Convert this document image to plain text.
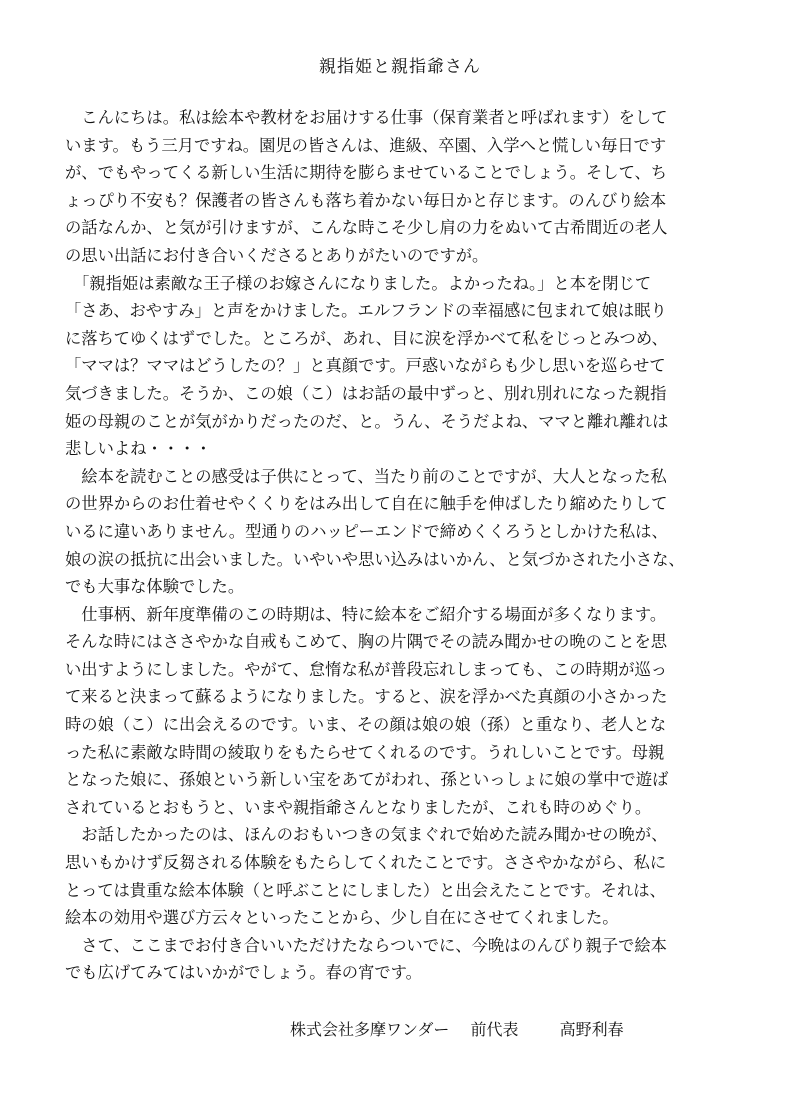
親指姫と親指爺さん
　こんにちは。私は絵本や教材をお届けする仕事（保育業者と呼ばれます）をして
います。もう三月ですね。園児の皆さんは、進級、卒園、入学へと慌しい毎日です
が、でもやってくる新しい生活に期待を膨らませていることでしょう。そして、ち
ょっぴり不安も？保護者の皆さんも落ち着かない毎日かと存じます。のんびり絵本
の話なんか、と気が引けますが、こんな時こそ少し肩の力をぬいて古希間近の老人
の思い出話にお付き合いくださるとありがたいのですが。
　「親指姫は素敵な王子様のお嫁さんになりました。よかったね。」と本を閉じて
「さあ、おやすみ」と声をかけました。エルフランドの幸福感に包まれて娘は眠り
に落ちてゆくはずでした。ところが、あれ、目に涙を浮かべて私をじっとみつめ、
「ママは？ママはどうしたの？」と真顔です。戸惑いながらも少し思いを巡らせて
気づきました。そうか、この娘（こ）はお話の最中ずっと、別れ別れになった親指
姫の母親のことが気がかりだったのだ、と。うん、そうだよね、ママと離れ離れは
悲しいよね・・・・
　絵本を読むことの感受は子供にとって、当たり前のことですが、大人となった私
の世界からのお仕着せやくくりをはみ出して自在に触手を伸ばしたり縮めたりして
いるに違いありません。型通りのハッピーエンドで締めくくろうとしかけた私は、
娘の涙の抵抗に出会いました。いやいや思い込みはいかん、と気づかされた小さな、
でも大事な体験でした。
　仕事柄、新年度準備のこの時期は、特に絵本をご紹介する場面が多くなります。
そんな時にはささやかな自戒もこめて、胸の片隅でその読み聞かせの晩のことを思
い出すようにしました。やがて、怠惰な私が普段忘れしまっても、この時期が巡っ
て来ると決まって蘇るようになりました。すると、涙を浮かべた真顔の小さかった
時の娘（こ）に出会えるのです。いま、その顔は娘の娘（孫）と重なり、老人とな
った私に素敵な時間の綾取りをもたらせてくれるのです。うれしいことです。母親
となった娘に、孫娘という新しい宝をあてがわれ、孫といっしょに娘の掌中で遊ば
されているとおもうと、いまや親指爺さんとなりましたが、これも時のめぐり。
　お話したかったのは、ほんのおもいつきの気まぐれで始めた読み聞かせの晩が、
思いもかけず反芻される体験をもたらしてくれたことです。ささやかながら、私に
とっては貴重な絵本体験（と呼ぶことにしました）と出会えたことです。それは、
絵本の効用や選び方云々といったことから、少し自在にさせてくれました。
　さて、ここまでお付き合いいただけたならついでに、今晩はのんびり親子で絵本
でも広げてみてはいかがでしょう。春の宵です。
株式会社多摩ワンダー 前代表	高野利春
